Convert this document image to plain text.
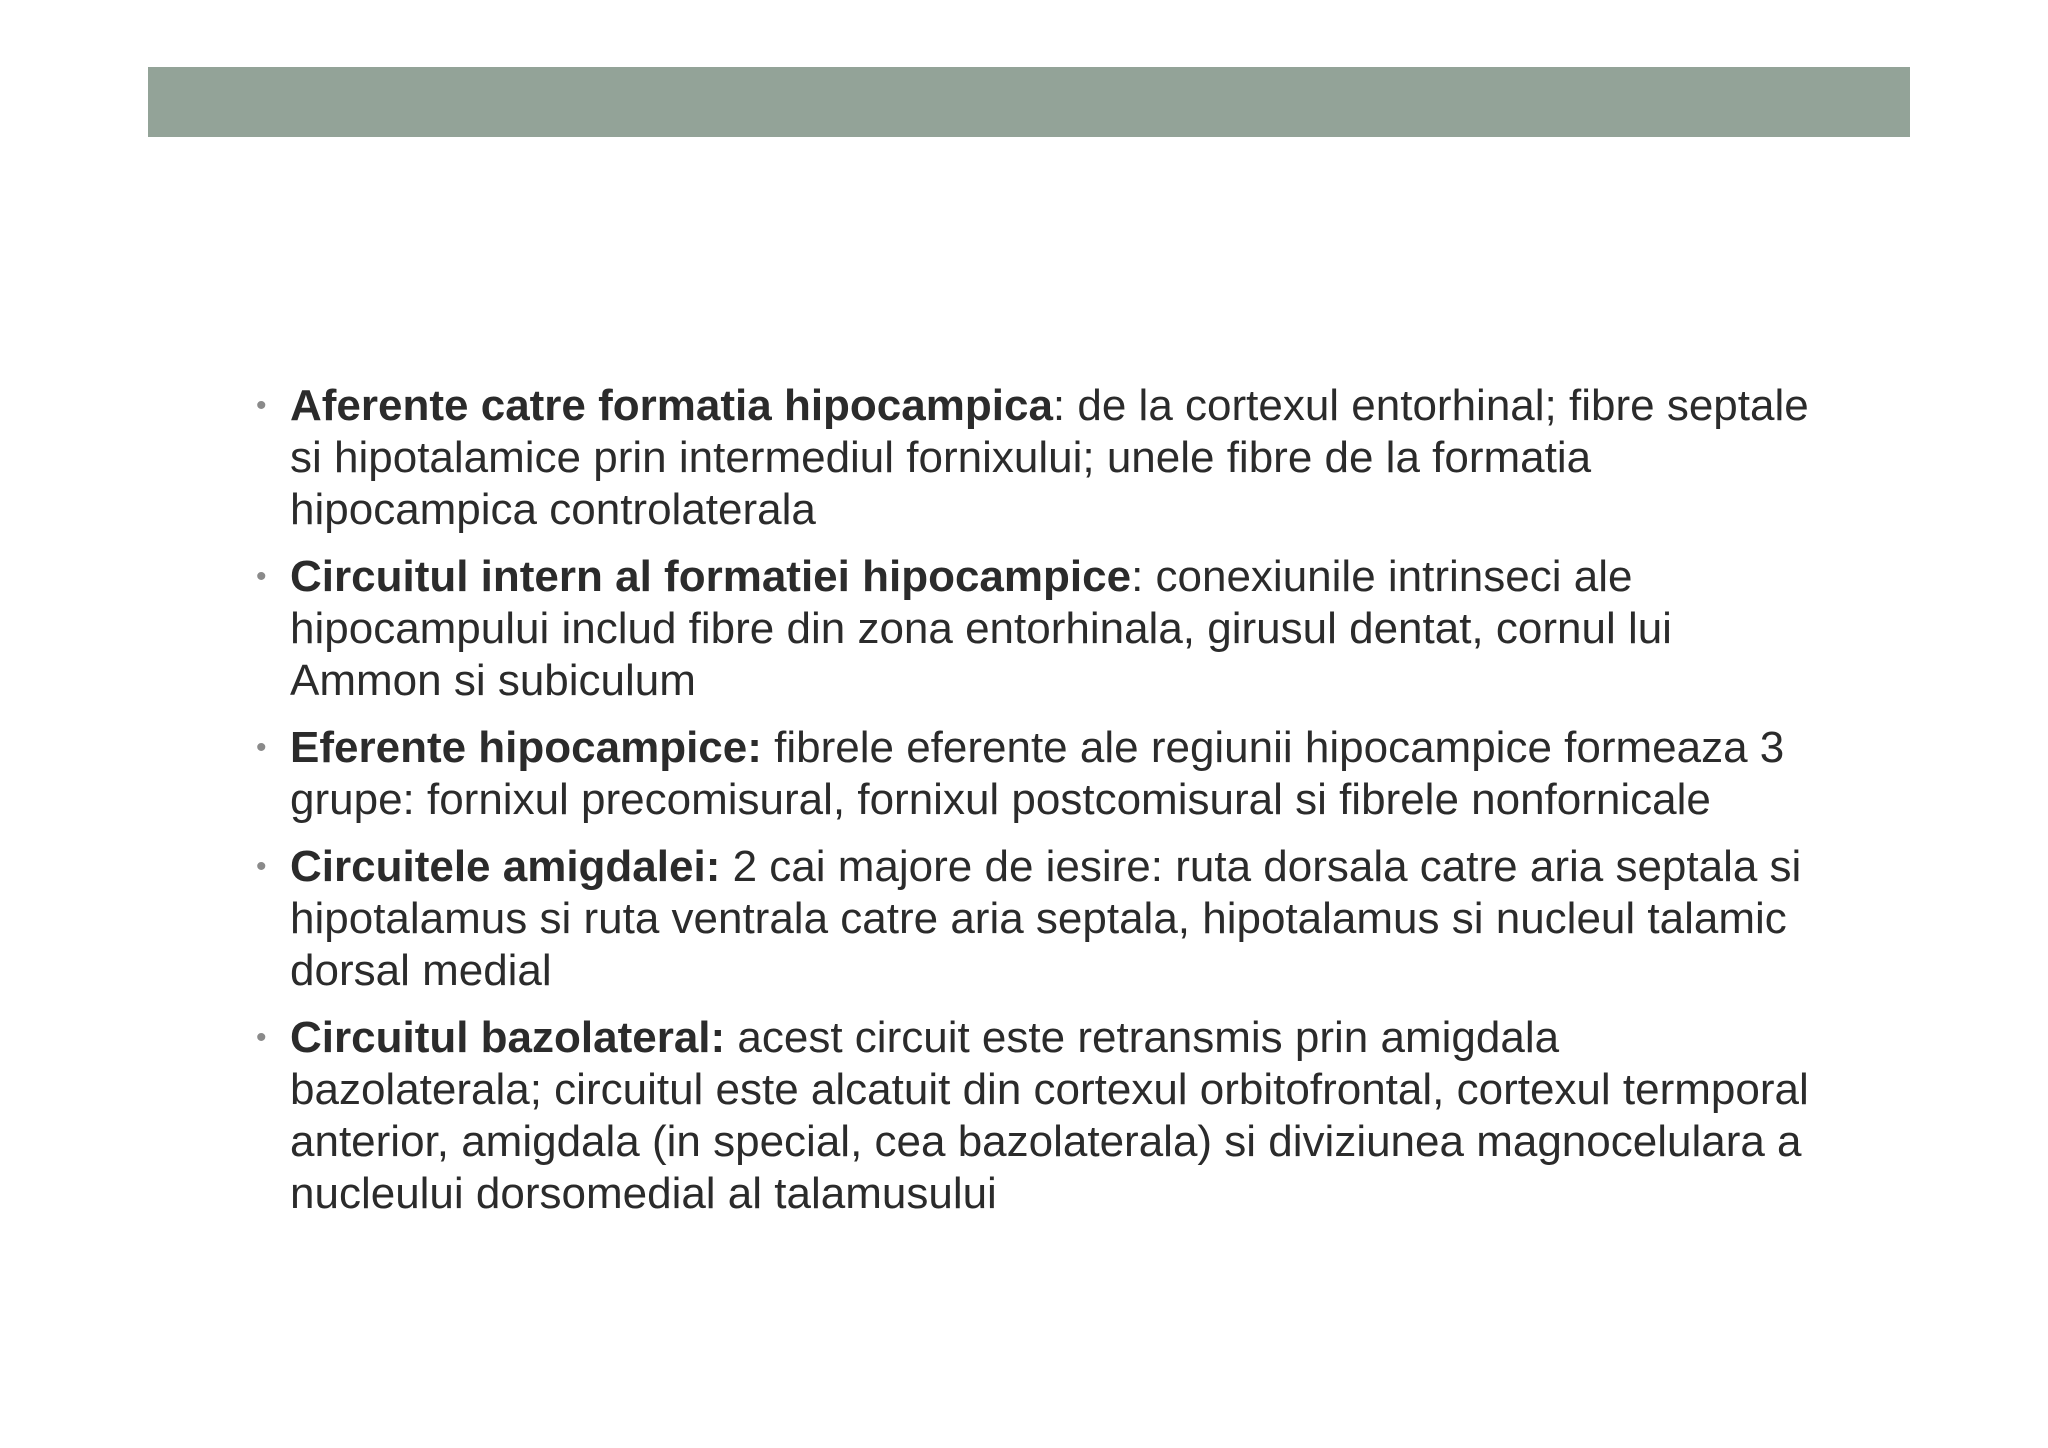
• Aferente catre formatia hipocampica: de la cortexul entorhinal; fibre septale si hipotalamice prin intermediul fornixului; unele fibre de la formatia hipocampica controlaterala
• Circuitul intern al formatiei hipocampice: conexiunile intrinseci ale hipocampului includ fibre din zona entorhinala, girusul dentat, cornul lui Ammon si subiculum
• Eferente hipocampice: fibrele eferente ale regiunii hipocampice formeaza 3 grupe: fornixul precomisural, fornixul postcomisural si fibrele nonfornicale
• Circuitele amigdalei: 2 cai majore de iesire: ruta dorsala catre aria septala si hipotalamus si ruta ventrala catre aria septala, hipotalamus si nucleul talamic dorsal medial
• Circuitul bazolateral: acest circuit este retransmis prin amigdala bazolaterala; circuitul este alcatuit din cortexul orbitofrontal, cortexul termporal anterior, amigdala (in special, cea bazolaterala) si diviziunea magnocelulara a nucleului dorsomedial al talamusului
